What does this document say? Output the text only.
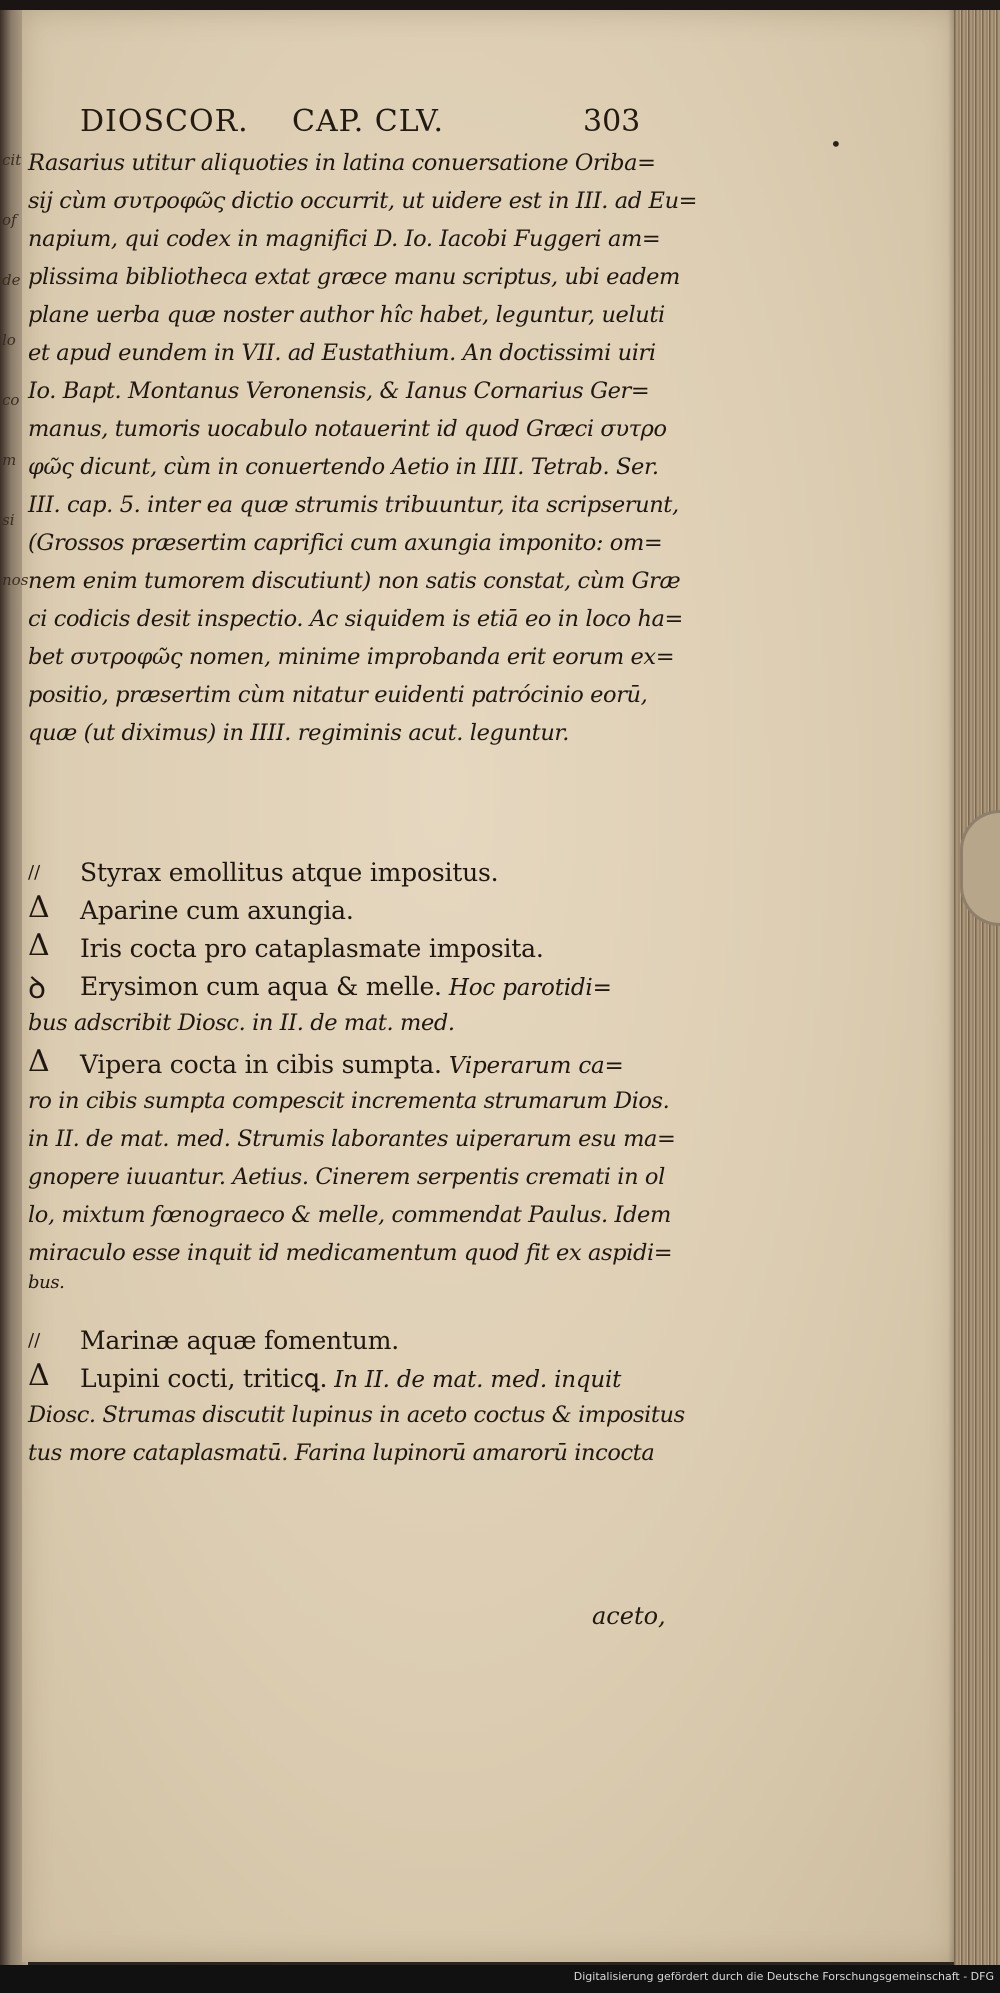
cit
of
de
lo
co
m
si
nos
DIOSCOR. CAP. CLV.	303
•
Rasarius utitur aliquoties in latina conuersatione Oriba=
sij cùm συτροφῶς dictio occurrit, ut uidere est in III. ad Eu=
napium, qui codex in magnifici D. Io. Iacobi Fuggeri am=
plissima bibliotheca extat græce manu scriptus, ubi eadem
plane uerba quæ noster author hîc habet, leguntur, ueluti
et apud eundem in VII. ad Eustathium. An doctissimi uiri
Io. Bapt. Montanus Veronensis, & Ianus Cornarius Ger=
manus, tumoris uocabulo notauerint id quod Græci συτρο
φῶς dicunt, cùm in conuertendo Aetio in IIII. Tetrab. Ser.
III. cap. 5. inter ea quæ strumis tribuuntur, ita scripserunt,
(Grossos præsertim caprifici cum axungia imponito: om=
nem enim tumorem discutiunt) non satis constat, cùm Græ
ci codicis desit inspectio. Ac siquidem is etiā eo in loco ha=
bet συτροφῶς nomen, minime improbanda erit eorum ex=
positio, præsertim cùm nitatur euidenti patrócinio eorū,
quæ (ut diximus) in IIII. regiminis acut. leguntur.
// Styrax emollitus atque impositus.
Δ Aparine cum axungia.
Δ Iris cocta pro cataplasmate imposita.
ꝺ Erysimon cum aqua & melle. Hoc parotidi=
bus adscribit Diosc. in II. de mat. med.
Δ Vipera cocta in cibis sumpta. Viperarum ca=
ro in cibis sumpta compescit incrementa strumarum Dios.
in II. de mat. med. Strumis laborantes uiperarum esu ma=
gnopere iuuantur. Aetius. Cinerem serpentis cremati in ol
lo, mixtum fœnograeco & melle, commendat Paulus. Idem
miraculo esse inquit id medicamentum quod fit ex aspidi=
bus.
// Marinæ aquæ fomentum.
Δ Lupini cocti, triticꝗ. In II. de mat. med. inquit
Diosc. Strumas discutit lupinus in aceto coctus & impositus
tus more cataplasmatū. Farina lupinorū amarorū incocta
aceto,
Digitalisierung gefördert durch die Deutsche Forschungsgemeinschaft - DFG
